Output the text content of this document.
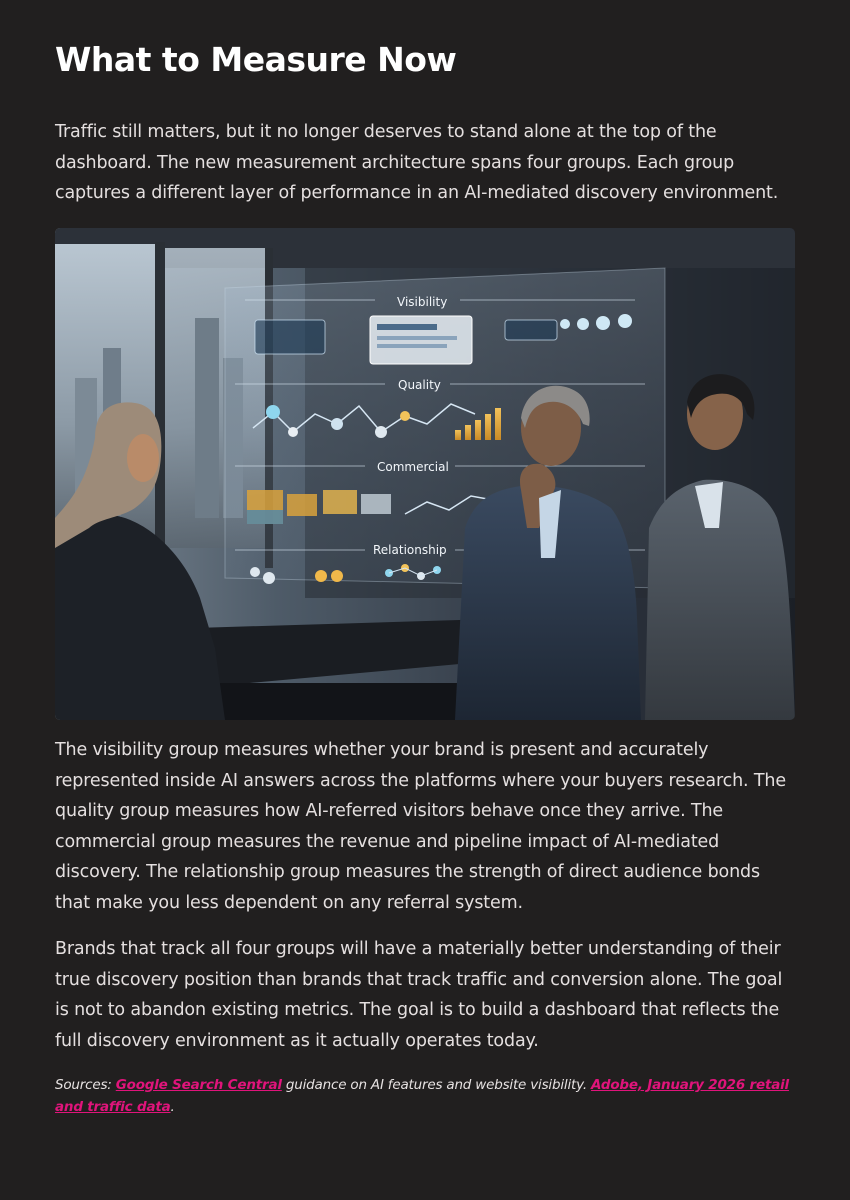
What to Measure Now

Traffic still matters, but it no longer deserves to stand alone at the top of the dashboard. The new measurement architecture spans four groups. Each group captures a different layer of performance in an AI-mediated discovery environment.

Visibility
Quality
Commercial
Relationship

The visibility group measures whether your brand is present and accurately represented inside AI answers across the platforms where your buyers research. The quality group measures how AI-referred visitors behave once they arrive. The commercial group measures the revenue and pipeline impact of AI-mediated discovery. The relationship group measures the strength of direct audience bonds that make you less dependent on any referral system.

Brands that track all four groups will have a materially better understanding of their true discovery position than brands that track traffic and conversion alone. The goal is not to abandon existing metrics. The goal is to build a dashboard that reflects the full discovery environment as it actually operates today.

Sources: Google Search Central guidance on AI features and website visibility. Adobe, January 2026 retail and traffic data.
